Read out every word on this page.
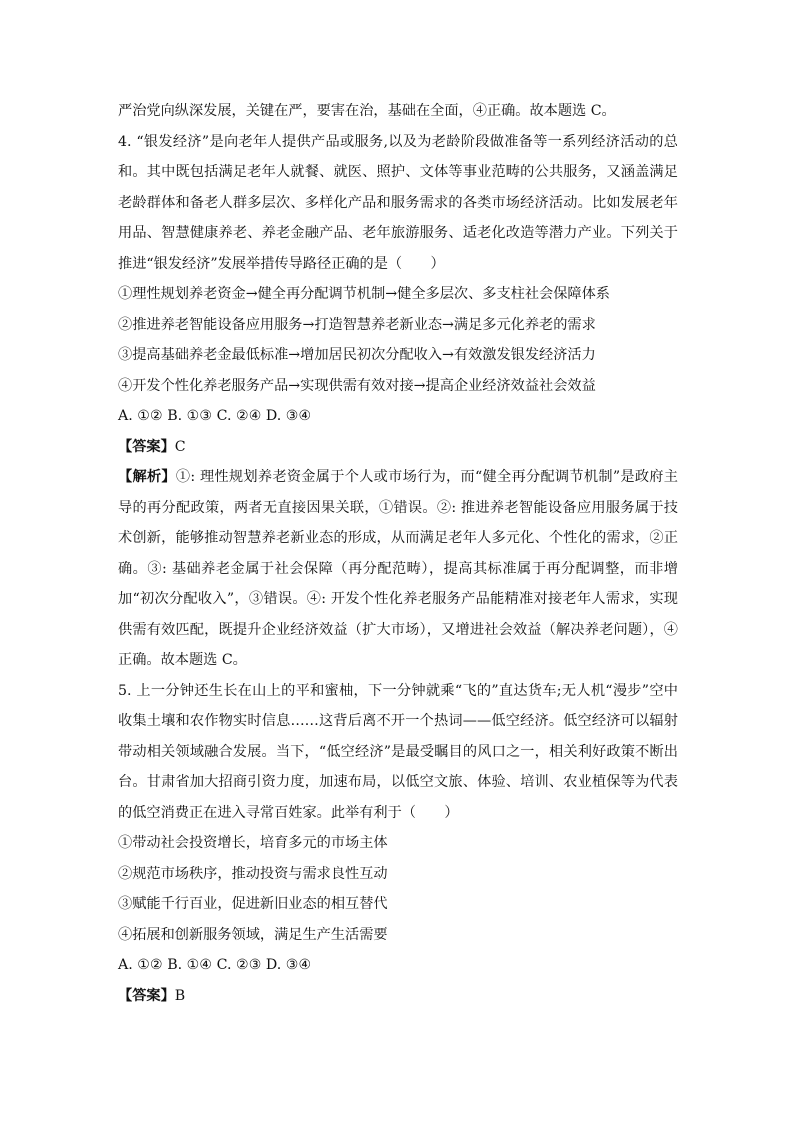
严治党向纵深发展，关键在严，要害在治，基础在全面，④正确。故本题选 C。

4. “银发经济”是向老年人提供产品或服务,以及为老龄阶段做准备等一系列经济活动的总和。其中既包括满足老年人就餐、就医、照护、文体等事业范畴的公共服务，又涵盖满足老龄群体和备老人群多层次、多样化产品和服务需求的各类市场经济活动。比如发展老年用品、智慧健康养老、养老金融产品、老年旅游服务、适老化改造等潜力产业。下列关于推进“银发经济”发展举措传导路径正确的是（　　）

①理性规划养老资金→健全再分配调节机制→健全多层次、多支柱社会保障体系

②推进养老智能设备应用服务→打造智慧养老新业态→满足多元化养老的需求

③提高基础养老金最低标准→增加居民初次分配收入→有效激发银发经济活力

④开发个性化养老服务产品→实现供需有效对接→提高企业经济效益社会效益

A. ①② B. ①③ C. ②④ D. ③④

【答案】C

【解析】①: 理性规划养老资金属于个人或市场行为，而“健全再分配调节机制”是政府主导的再分配政策，两者无直接因果关联，①错误。②: 推进养老智能设备应用服务属于技术创新，能够推动智慧养老新业态的形成，从而满足老年人多元化、个性化的需求，②正确。③: 基础养老金属于社会保障（再分配范畴），提高其标准属于再分配调整，而非增加“初次分配收入”，③错误。④: 开发个性化养老服务产品能精准对接老年人需求，实现供需有效匹配，既提升企业经济效益（扩大市场），又增进社会效益（解决养老问题），④正确。故本题选 C。

5. 上一分钟还生长在山上的平和蜜柚，下一分钟就乘“飞的”直达货车;无人机“漫步”空中收集土壤和农作物实时信息……这背后离不开一个热词——低空经济。低空经济可以辐射带动相关领域融合发展。当下，“低空经济”是最受瞩目的风口之一，相关利好政策不断出台。甘肃省加大招商引资力度，加速布局，以低空文旅、体验、培训、农业植保等为代表的低空消费正在进入寻常百姓家。此举有利于（　　）

①带动社会投资增长，培育多元的市场主体

②规范市场秩序，推动投资与需求良性互动

③赋能千行百业，促进新旧业态的相互替代

④拓展和创新服务领域，满足生产生活需要

A. ①② B. ①④ C. ②③ D. ③④

【答案】B
